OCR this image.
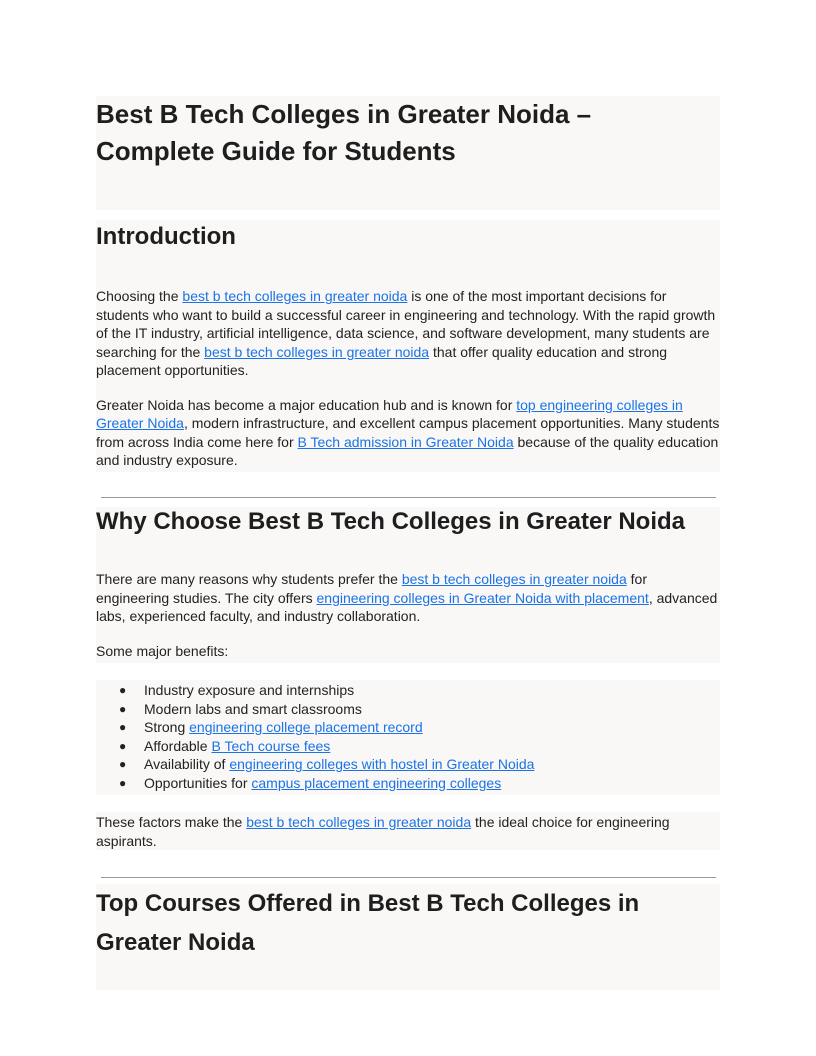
Best B Tech Colleges in Greater Noida –
Complete Guide for Students
Introduction

Choosing the best b tech colleges in greater noida is one of the most important decisions for students who want to build a successful career in engineering and technology. With the rapid growth of the IT industry, artificial intelligence, data science, and software development, many students are searching for the best b tech colleges in greater noida that offer quality education and strong placement opportunities.

Greater Noida has become a major education hub and is known for top engineering colleges in Greater Noida, modern infrastructure, and excellent campus placement opportunities. Many students from across India come here for B Tech admission in Greater Noida because of the quality education and industry exposure.

Why Choose Best B Tech Colleges in Greater Noida

There are many reasons why students prefer the best b tech colleges in greater noida for engineering studies. The city offers engineering colleges in Greater Noida with placement, advanced labs, experienced faculty, and industry collaboration.

Some major benefits:

● Industry exposure and internships
● Modern labs and smart classrooms
● Strong engineering college placement record
● Affordable B Tech course fees
● Availability of engineering colleges with hostel in Greater Noida
● Opportunities for campus placement engineering colleges

These factors make the best b tech colleges in greater noida the ideal choice for engineering aspirants.

Top Courses Offered in Best B Tech Colleges in
Greater Noida
